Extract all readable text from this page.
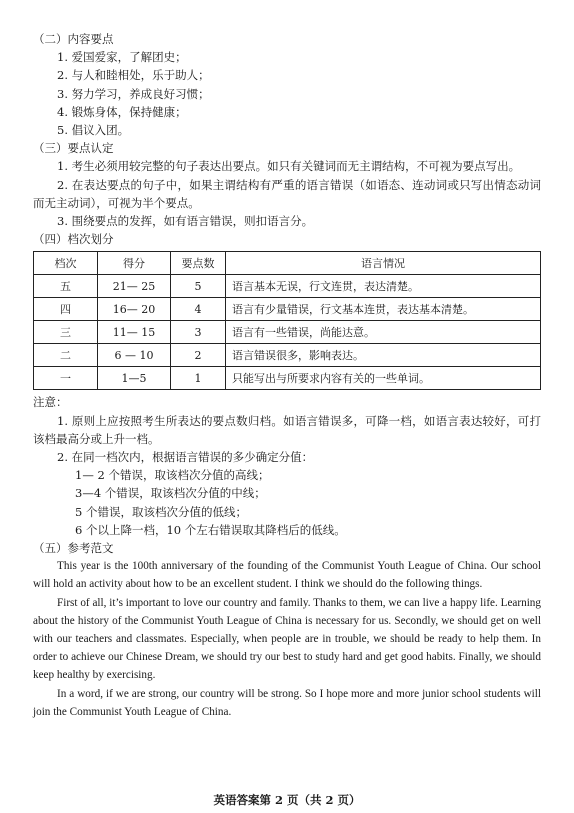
（二）内容要点
1. 爱国爱家，了解团史；
2. 与人和睦相处，乐于助人；
3. 努力学习，养成良好习惯；
4. 锻炼身体，保持健康；
5. 倡议入团。
（三）要点认定
1. 考生必须用较完整的句子表达出要点。如只有关键词而无主谓结构，不可视为要点写出。
2. 在表达要点的句子中，如果主谓结构有严重的语言错误（如语态、连动词或只写出情态动词而无主动词），可视为半个要点。
3. 围绕要点的发挥，如有语言错误，则扣语言分。
（四）档次划分
档次	得分	要点数	语言情况
五	21— 25	5	语言基本无误，行文连贯，表达清楚。
四	16— 20	4	语言有少量错误，行文基本连贯，表达基本清楚。
三	11— 15	3	语言有一些错误，尚能达意。
二	6 — 10	2	语言错误很多，影响表达。
一	1—5	1	只能写出与所要求内容有关的一些单词。
注意：
1. 原则上应按照考生所表达的要点数归档。如语言错误多，可降一档，如语言表达较好，可打该档最高分或上升一档。
2. 在同一档次内，根据语言错误的多少确定分值：
1— 2 个错误，取该档次分值的高线；
3—4 个错误，取该档次分值的中线；
5 个错误，取该档次分值的低线；
6 个以上降一档，10 个左右错误取其降档后的低线。
（五）参考范文
This year is the 100th anniversary of the founding of the Communist Youth League of China. Our school will hold an activity about how to be an excellent student. I think we should do the following things.
First of all, it’s important to love our country and family. Thanks to them, we can live a happy life. Learning about the history of the Communist Youth League of China is necessary for us. Secondly, we should get on well with our teachers and classmates. Especially, when people are in trouble, we should be ready to help them. In order to achieve our Chinese Dream, we should try our best to study hard and get good habits. Finally, we should keep healthy by exercising.
In a word, if we are strong, our country will be strong. So I hope more and more junior school students will join the Communist Youth League of China.
英语答案第 2 页（共 2 页）
